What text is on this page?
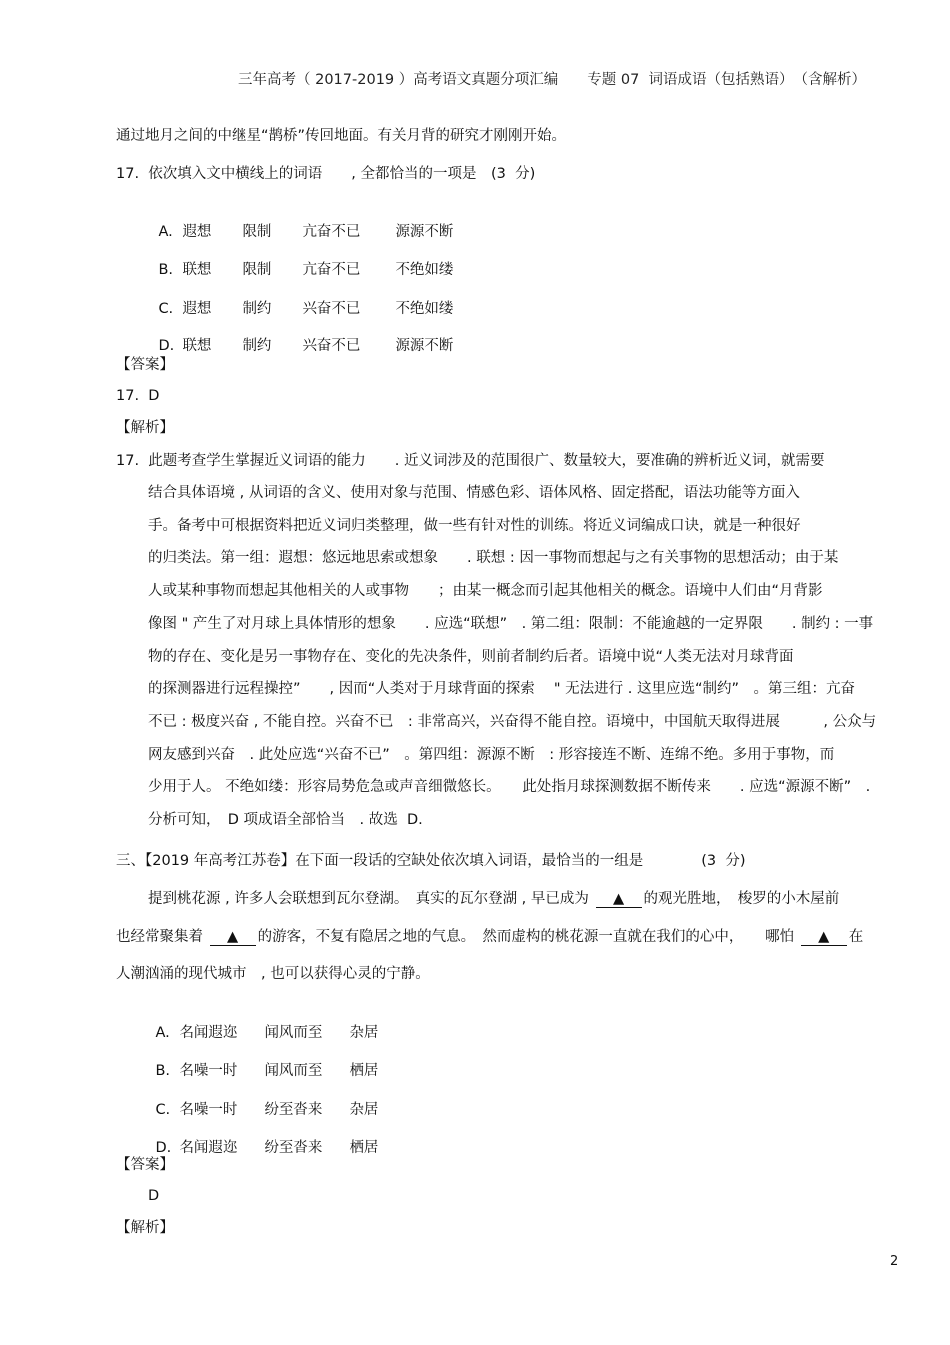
三年高考（ 2017-2019 ）高考语文真题分项汇编　　专题 07  词语成语（包括熟语）　（含解析）
通过地月之间的中继星“鹊桥”传回地面。有关月背的研究才刚刚开始。
17.  依次填入文中横线上的词语　　, 全都恰当的一项是　(3  分)

A. 遐想 限制 亢奋不已 源源不断

B. 联想 限制 亢奋不已 不绝如缕

C. 遐想 制约 兴奋不已 不绝如缕

D. 联想 制约 兴奋不已 源源不断

【答案】
17.  D
【解析】
17.  此题考查学生掌握近义词语的能力　　. 近义词涉及的范围很广、数量较大，要准确的辨析近义词，就需要
结合具体语境 , 从词语的含义、使用对象与范围、情感色彩、语体风格、固定搭配，语法功能等方面入
手。备考中可根据资料把近义词归类整理，做一些有针对性的训练。将近义词编成口诀，就是一种很好
的归类法。第一组：遐想：悠远地思索或想象　　. 联想 : 因一事物而想起与之有关事物的思想活动；由于某
人或某种事物而想起其他相关的人或事物　　；由某一概念而引起其他相关的概念。语境中人们由“月背影
像图 " 产生了对月球上具体情形的想象　　. 应选“联想”　. 第二组：限制：不能逾越的一定界限　　. 制约 : 一事
物的存在、变化是另一事物存在、变化的先决条件，则前者制约后者。语境中说“人类无法对月球背面
的探测器进行远程操控”　　, 因而“人类对于月球背面的探索　 " 无法进行 . 这里应选“制约”　。第三组：亢奋
不已 : 极度兴奋 , 不能自控。兴奋不已　: 非常高兴，兴奋得不能自控。语境中，中国航天取得进展　　　, 公众与
网友感到兴奋　. 此处应选“兴奋不已”　。第四组：源源不断　: 形容接连不断、连绵不绝。多用于事物，而
少用于人。 不绝如缕：形容局势危急或声音细微悠长。　　此处指月球探测数据不断传来　　. 应选“源源不断”　.
分析可知，　D 项成语全部恰当　. 故选  D.
三、【2019 年高考江苏卷】在下面一段话的空缺处依次填入词语，最恰当的一组是　　　　(3  分)
提到桃花源 , 许多人会联想到瓦尔登湖。　真实的瓦尔登湖 , 早已成为 ▲ 的观光胜地，　梭罗的小木屋前
也经常聚集着 ▲ 的游客，不复有隐居之地的气息。　然而虚构的桃花源一直就在我们的心中，　　哪怕 ▲ 在
人潮汹涌的现代城市　, 也可以获得心灵的宁静。

A. 名闻遐迩 闻风而至 杂居

B. 名噪一时 闻风而至 栖居

C. 名噪一时 纷至沓来 杂居

D. 名闻遐迩 纷至沓来 栖居

【答案】
D
【解析】
2
